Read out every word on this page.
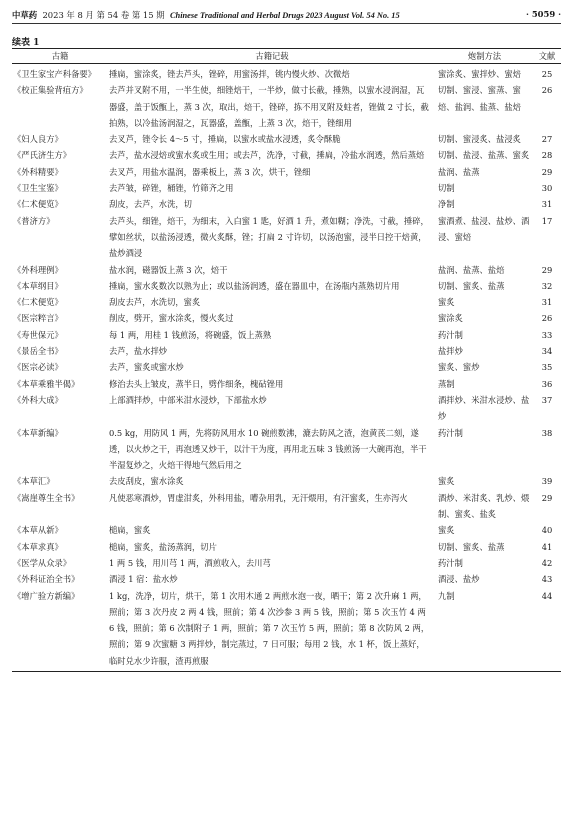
中草药 2023 年 8 月 第 54 卷 第 15 期 Chinese Traditional and Herbal Drugs 2023 August Vol. 54 No. 15	· 5059 ·
续表 1
古籍	古籍记载	炮制方法	文献
《卫生家宝产科备要》	捶扁，蜜涂炙，锉去芦头，锉碎，用蜜汤拌，铫内慢火炒、次微焙	蜜涂炙、蜜拌炒、蜜焙	25
《校正集验背疽方》	去芦并叉附不用，一半生使，细锉焙干，一半炒，做寸长截，捶熟，以蜜水浸润湿，瓦器盛，盖于饭甑上，蒸 3 次，取出，焙干，锉碎，拣不用叉附及蛀者，锉做 2 寸长，截拍熟，以冷盐汤润湿之，瓦器盛，盖甑，上蒸 3 次，焙干，锉细用	切制、蜜浸、蜜蒸、蜜焙、盐润、盐蒸、盐焙	26
《妇人良方》	去叉芦，锉令长 4～5 寸，捶扁，以蜜水或盐水浸透，炙令酥脆	切制、蜜浸炙、盐浸炙	27
《严氏济生方》	去芦，盐水浸焙或蜜水炙或生用；或去芦，洗净，寸截，捶扁，冷盐水润透，然后蒸焙	切制、盐浸、盐蒸、蜜炙	28
《外科精要》	去叉芦，用盐水温润，器乘板上，蒸 3 次，烘干，锉细	盐润、盐蒸	29
《卫生宝鉴》	去芦皱，碎锉，桶锉，竹筛齐之用	切制	30
《仁术便览》	刮皮，去芦，水洗，切	净制	31
《普济方》	去芦头，细锉，焙干，为细末，入白蜜 1 匙，好酒 1 升，煮如糊；净洗，寸截，捶碎，擘如丝状，以盐汤浸透，微火炙酥，锉；打扁 2 寸许切，以汤泡蜜，浸半日控干焙黄，盐炒酒浸	蜜酒煮、盐浸、盐炒、酒浸、蜜焙	17
《外科理例》	盐水润，磁器饭上蒸 3 次，焙干	盐润、盐蒸、盐焙	29
《本草纲目》	捶扁，蜜水炙数次以熟为止；或以盐汤润透，盛在器皿中，在汤瓶内蒸熟切片用	切制、蜜炙、盐蒸	32
《仁术便览》	刮皮去芦，水洗切，蜜炙	蜜炙	31
《医宗粹言》	削皮，劈开，蜜水涂炙，慢火炙过	蜜涂炙	26
《寿世保元》	每 1 两，用桂 1 钱煎汤，将碗盛，饭上蒸熟	药汁制	33
《景岳全书》	去芦，盐水拌炒	盐拌炒	34
《医宗必读》	去芦，蜜炙或蜜水炒	蜜炙、蜜炒	35
《本草乘雅半偈》	修治去头上皱皮，蒸半日，劈作细条，槐砧锉用	蒸制	36
《外科大成》	上部酒拌炒，中部米泔水浸炒，下部盐水炒	酒拌炒、米泔水浸炒、盐炒	37
《本草新编》	0.5 kg，用防风 1 两，先将防风用水 10 碗煎数沸，漉去防风之渣，泡黄芪二刻，遂透，以火炒之干，再泡透又炒干，以汁干为度，再用北五味 3 钱煎汤一大碗再泡，半干半湿复炒之，火焙干得地气然后用之	药汁制	38
《本草汇》	去皮刮皮，蜜水涂炙	蜜炙	39
《嵩崖尊生全书》	凡使恶寒酒炒，胃虚泔炙，外科用盐，嘈杂用乳，无汗煨用，有汗蜜炙，生亦泻火	酒炒、米泔炙、乳炒、煨制、蜜炙、盐炙	29
《本草从新》	槌扁，蜜炙	蜜炙	40
《本草求真》	槌扁，蜜炙，盐汤蒸润，切片	切制、蜜炙、盐蒸	41
《医学从众录》	1 两 5 钱，用川芎 1 两，酒煎收入，去川芎	药汁制	42
《外科证治全书》	酒浸 1 宿：盐水炒	酒浸、盐炒	43
《增广验方新编》	1 kg，洗净，切片，烘干，第 1 次用木通 2 两煎水泡一夜，晒干；第 2 次升麻 1 两，照前；第 3 次丹皮 2 两 4 钱，照前；第 4 次沙参 3 两 5 钱，照前；第 5 次玉竹 4 两 6 钱，照前；第 6 次制附子 1 两，照前；第 7 次玉竹 5 两，照前；第 8 次防风 2 两，照前；第 9 次蜜糖 3 两拌炒，制完蒸过，7 日可服；每用 2 钱，水 1 杯，饭上蒸好，临时兑水少许服，渣再煎服	九制	44
